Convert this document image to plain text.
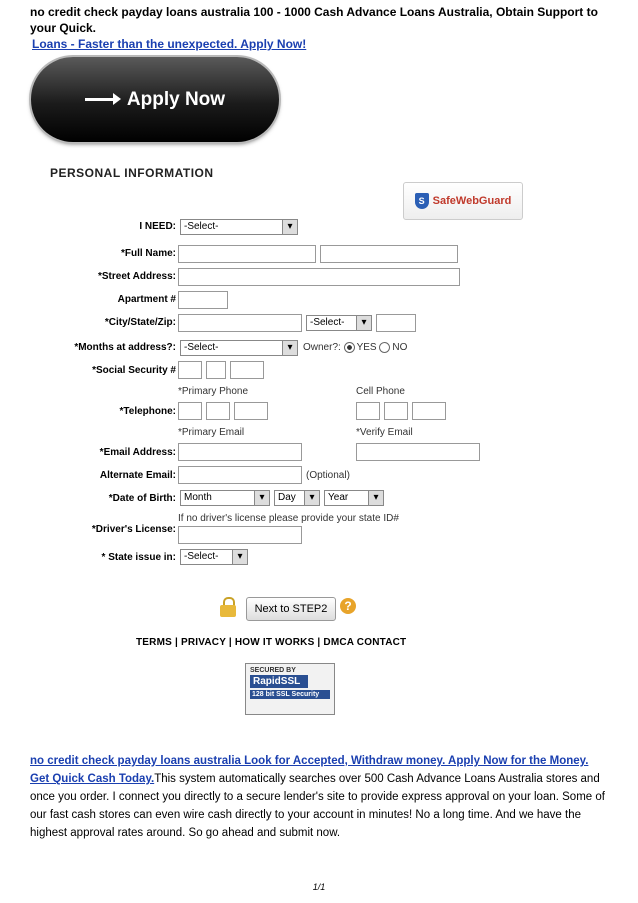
no credit check payday loans australia 100 - 1000 Cash Advance Loans Australia, Obtain Support to your Quick.
Loans - Faster than the unexpected. Apply Now!
Apply Now
PERSONAL INFORMATION
S SafeWebGuard
I NEED: -Select- ▾
*Full Name:
*Street Address:
Apartment #
*City/State/Zip:	-Select- ▾
*Months at address?: -Select- ▾	Owner?: YES NO
*Social Security #
*Primary Phone	Cell Phone
*Telephone:
*Primary Email	*Verify Email
*Email Address:
Alternate Email:	(Optional)
*Date of Birth: Month ▾	Day ▾	Year ▾
If no driver's license please provide your state ID#
*Driver's License:
* State issue in: -Select- ▾
Next to STEP2	?
TERMS | PRIVACY | HOW IT WORKS | DMCA CONTACT
SECURED BY
RapidSSL
128 bit SSL Security
no credit check payday loans australia Look for Accepted, Withdraw money. Apply Now for the Money. Get Quick Cash Today.This system automatically searches over 500 Cash Advance Loans Australia stores and once you order. I connect you directly to a secure lender's site to provide express approval on your loan. Some of our fast cash stores can even wire cash directly to your account in minutes! No a long time. And we have the highest approval rates around. So go ahead and submit now.
1/1
